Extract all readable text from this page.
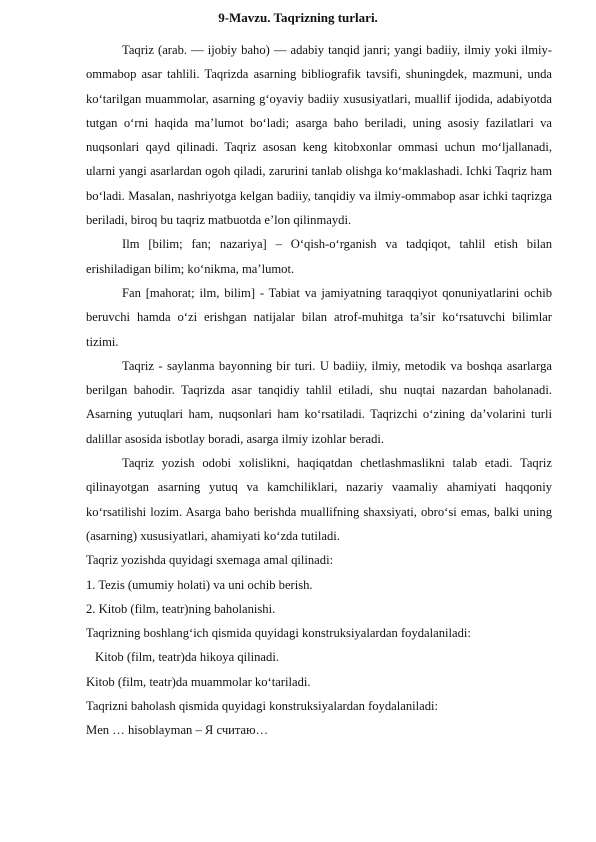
9-Mavzu. Taqrizning turlari.

Taqriz (arab. — ijobiy baho) — adabiy tanqid janri; yangi badiiy, ilmiy yoki ilmiy-ommabop asar tahlili. Taqrizda asarning bibliografik tavsifi, shuningdek, mazmuni, unda ko‘tarilgan muammolar, asarning g‘oyaviy badiiy xususiyatlari, muallif ijodida, adabiyotda tutgan o‘rni haqida ma’lumot bo‘ladi; asarga baho beriladi, uning asosiy fazilatlari va nuqsonlari qayd qilinadi. Taqriz asosan keng kitobxonlar ommasi uchun mo‘ljallanadi, ularni yangi asarlardan ogoh qiladi, zarurini tanlab olishga ko‘maklashadi. Ichki Taqriz ham bo‘ladi. Masalan, nashriyotga kelgan badiiy, tanqidiy va ilmiy-ommabop asar ichki taqrizga beriladi, biroq bu taqriz matbuotda e’lon qilinmaydi.

Ilm [bilim; fan; nazariya] – O‘qish-o‘rganish va tadqiqot, tahlil etish bilan erishiladigan bilim; ko‘nikma, ma’lumot.

Fan [mahorat; ilm, bilim] - Tabiat va jamiyatning taraqqiyot qonuniyatlarini ochib beruvchi hamda o‘zi erishgan natijalar bilan atrof-muhitga ta’sir ko‘rsatuvchi bilimlar tizimi.

Taqriz - saylanma bayonning bir turi. U badiiy, ilmiy, metodik va boshqa asarlarga berilgan bahodir. Taqrizda asar tanqidiy tahlil etiladi, shu nuqtai nazardan baholanadi. Asarning yutuqlari ham, nuqsonlari ham ko‘rsatiladi. Taqrizchi o‘zining da’volarini turli dalillar asosida isbotlay boradi, asarga ilmiy izohlar beradi.

Taqriz yozish odobi xolislikni, haqiqatdan chetlashmaslikni talab etadi. Taqriz qilinayotgan asarning yutuq va kamchiliklari, nazariy vaamaliy ahamiyati haqqoniy ko‘rsatilishi lozim. Asarga baho berishda muallifning shaxsiyati, obro‘si emas, balki uning (asarning) xususiyatlari, ahamiyati ko‘zda tutiladi.

Taqriz yozishda quyidagi sxemaga amal qilinadi:

1. Tezis (umumiy holati) va uni ochib berish.

2. Kitob (film, teatr)ning baholanishi.

Taqrizning boshlang‘ich qismida quyidagi konstruksiyalardan foydalaniladi:

Kitob (film, teatr)da hikoya qilinadi.

Kitob (film, teatr)da muammolar ko‘tariladi.

Taqrizni baholash qismida quyidagi konstruksiyalardan foydalaniladi:

Men … hisoblayman – Я считаю…
